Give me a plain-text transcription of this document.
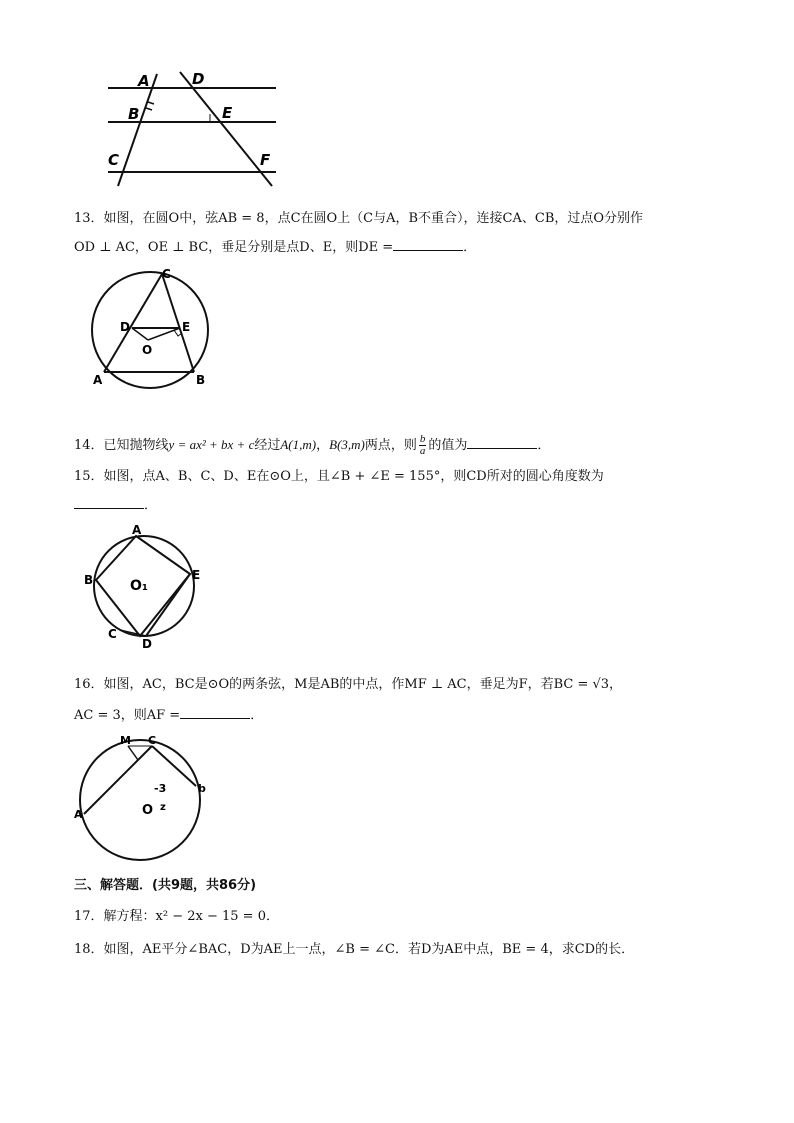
A
B
C
D
E
F
13．如图，在圆O中，弦AB = 8，点C在圆O上（C与A，B不重合），连接CA、CB，过点O分别作
OD ⊥ AC，OE ⊥ BC，垂足分别是点D、E，则DE =	．
C
D	E
O
A	B
14．已知抛物线y = ax² + bx + c经过A(1,m)，B(3,m)两点，则 $\frac{b}{a}$ 的值为	．
15．如图，点A、B、C、D、E在⊙O上，且∠B + ∠E = 155°，则CD所对的圆心角度数为
．
A
B	E
O₁
C
D
16．如图，AC，BC是⊙O的两条弦，M是AB的中点，作MF ⊥ AC，垂足为F，若BC = √3，
AC = 3，则AF =	．
M C
A
b
-3
O z
三、解答题．(共9题，共86分)
17．解方程：x² − 2x − 15 = 0．
18．如图，AE平分∠BAC，D为AE上一点，∠B = ∠C．若D为AE中点，BE = 4，求CD的长．
